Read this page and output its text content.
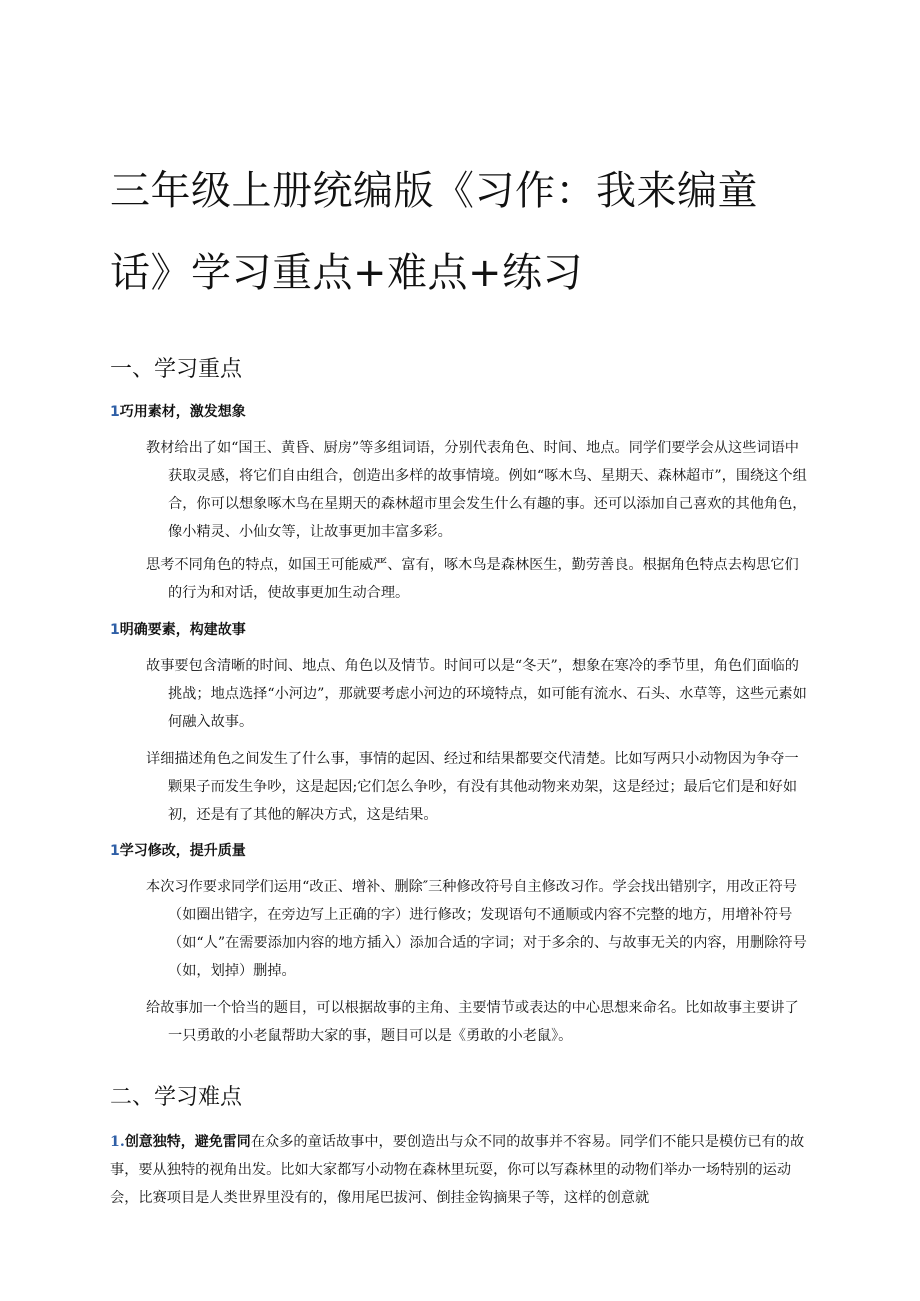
三年级上册统编版《习作：我来编童话》学习重点+难点+练习
一、学习重点
1巧用素材，激发想象

教材给出了如“国王、黄昏、厨房”等多组词语，分别代表角色、时间、地点。同学们要学会从这些词语中获取灵感，将它们自由组合，创造出多样的故事情境。例如“啄木鸟、星期天、森林超市”，围绕这个组合，你可以想象啄木鸟在星期天的森林超市里会发生什么有趣的事。还可以添加自己喜欢的其他角色，像小精灵、小仙女等，让故事更加丰富多彩。

思考不同角色的特点，如国王可能威严、富有，啄木鸟是森林医生，勤劳善良。根据角色特点去构思它们的行为和对话，使故事更加生动合理。

1明确要素，构建故事

故事要包含清晰的时间、地点、角色以及情节。时间可以是“冬天”，想象在寒冷的季节里，角色们面临的挑战；地点选择“小河边”，那就要考虑小河边的环境特点，如可能有流水、石头、水草等，这些元素如何融入故事。

详细描述角色之间发生了什么事，事情的起因、经过和结果都要交代清楚。比如写两只小动物因为争夺一颗果子而发生争吵，这是起因;它们怎么争吵，有没有其他动物来劝架，这是经过；最后它们是和好如初，还是有了其他的解决方式，这是结果。

1学习修改，提升质量

本次习作要求同学们运用“改正、增补、删除″三种修改符号自主修改习作。学会找出错别字，用改正符号（如圈出错字，在旁边写上正确的字）进行修改；发现语句不通顺或内容不完整的地方，用增补符号（如“人”在需要添加内容的地方插入）添加合适的字词；对于多余的、与故事无关的内容，用删除符号（如，划掉）删掉。

给故事加一个恰当的题目，可以根据故事的主角、主要情节或表达的中心思想来命名。比如故事主要讲了一只勇敢的小老鼠帮助大家的事，题目可以是《勇敢的小老鼠》。

二、学习难点

1.创意独特，避免雷同在众多的童话故事中，要创造出与众不同的故事并不容易。同学们不能只是模仿已有的故事，要从独特的视角出发。比如大家都写小动物在森林里玩耍，你可以写森林里的动物们举办一场特别的运动会，比赛项目是人类世界里没有的，像用尾巴拔河、倒挂金钩摘果子等，这样的创意就
